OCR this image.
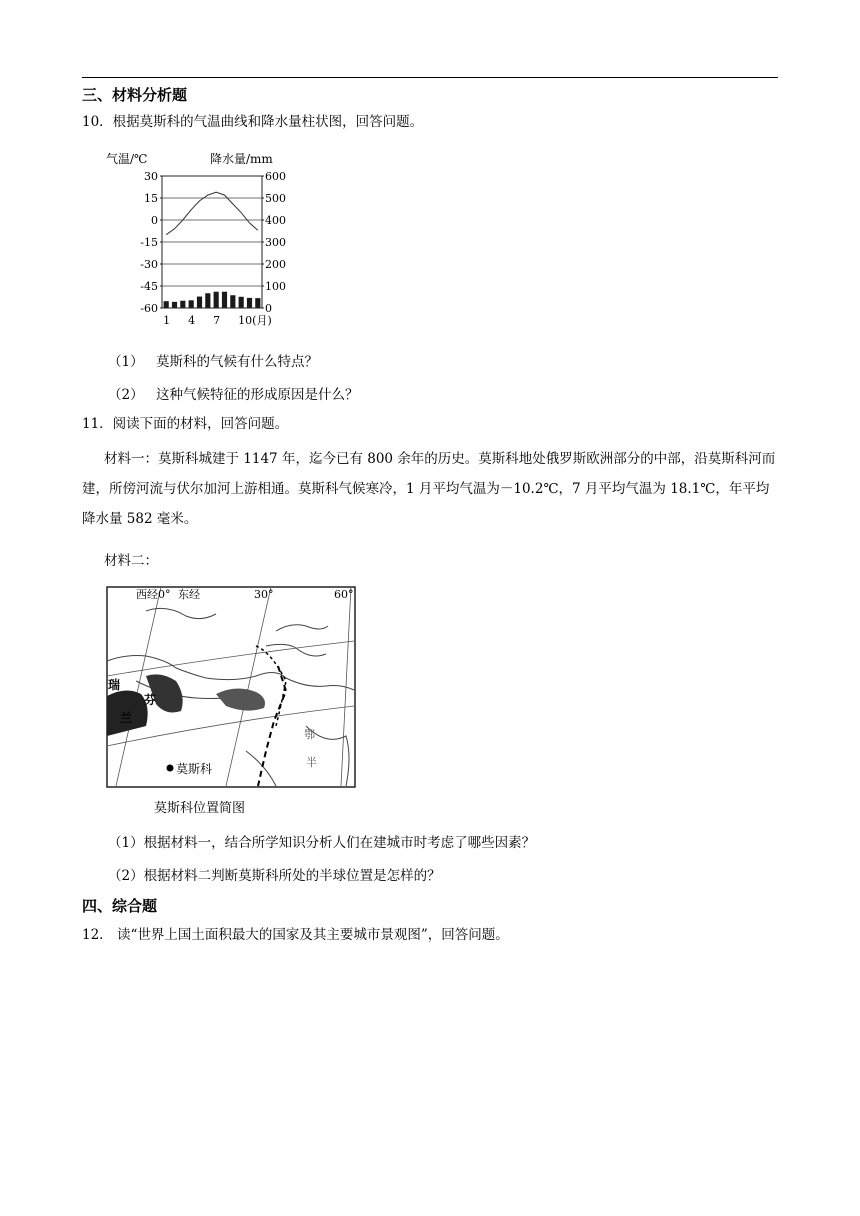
三、材料分析题
10．根据莫斯科的气温曲线和降水量柱状图，回答问题。
气温/℃	降水量/mm
30
15
0
-15
-30
-45
-60
600
500
400
300
200
100
0
1 4 7 10(月)
（1） 莫斯科的气候有什么特点？
（2） 这种气候特征的形成原因是什么？
11．阅读下面的材料，回答问题。
材料一：莫斯科城建于 1147 年，迄今已有 800 余年的历史。莫斯科地处俄罗斯欧洲部分的中部，沿莫斯科河而建，所傍河流与伏尔加河上游相通。莫斯科气候寒冷，1 月平均气温为－10.2℃，7 月平均气温为 18.1℃，年平均降水量 582 毫米。
材料二：
西经0° 东经	30°	60°
瑞
芬
兰
鄂
半
莫斯科
莫斯科位置简图
（1）根据材料一，结合所学知识分析人们在建城市时考虑了哪些因素？
（2）根据材料二判断莫斯科所处的半球位置是怎样的？
四、综合题
12． 读“世界上国土面积最大的国家及其主要城市景观图”，回答问题。
